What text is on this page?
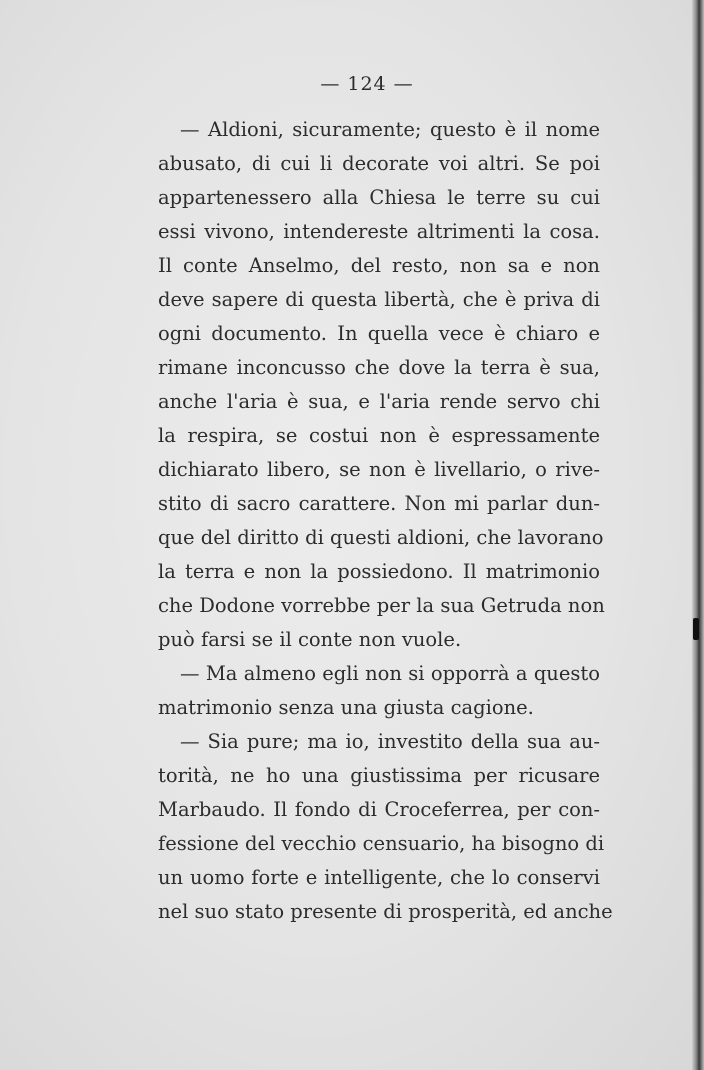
— 124 —
— Aldioni, sicuramente; questo è il nome
abusato, di cui li decorate voi altri. Se poi
appartenessero alla Chiesa le terre su cui
essi vivono, intendereste altrimenti la cosa.
Il conte Anselmo, del resto, non sa e non
deve sapere di questa libertà, che è priva di
ogni documento. In quella vece è chiaro e
rimane inconcusso che dove la terra è sua,
anche l'aria è sua, e l'aria rende servo chi
la respira, se costui non è espressamente
dichiarato libero, se non è livellario, o rive-
stito di sacro carattere. Non mi parlar dun-
que del diritto di questi aldioni, che lavorano
la terra e non la possiedono. Il matrimonio
che Dodone vorrebbe per la sua Getruda non
può farsi se il conte non vuole.
— Ma almeno egli non si opporrà a questo
matrimonio senza una giusta cagione.
— Sia pure; ma io, investito della sua au-
torità, ne ho una giustissima per ricusare
Marbaudo. Il fondo di Croceferrea, per con-
fessione del vecchio censuario, ha bisogno di
un uomo forte e intelligente, che lo conservi
nel suo stato presente di prosperità, ed anche
